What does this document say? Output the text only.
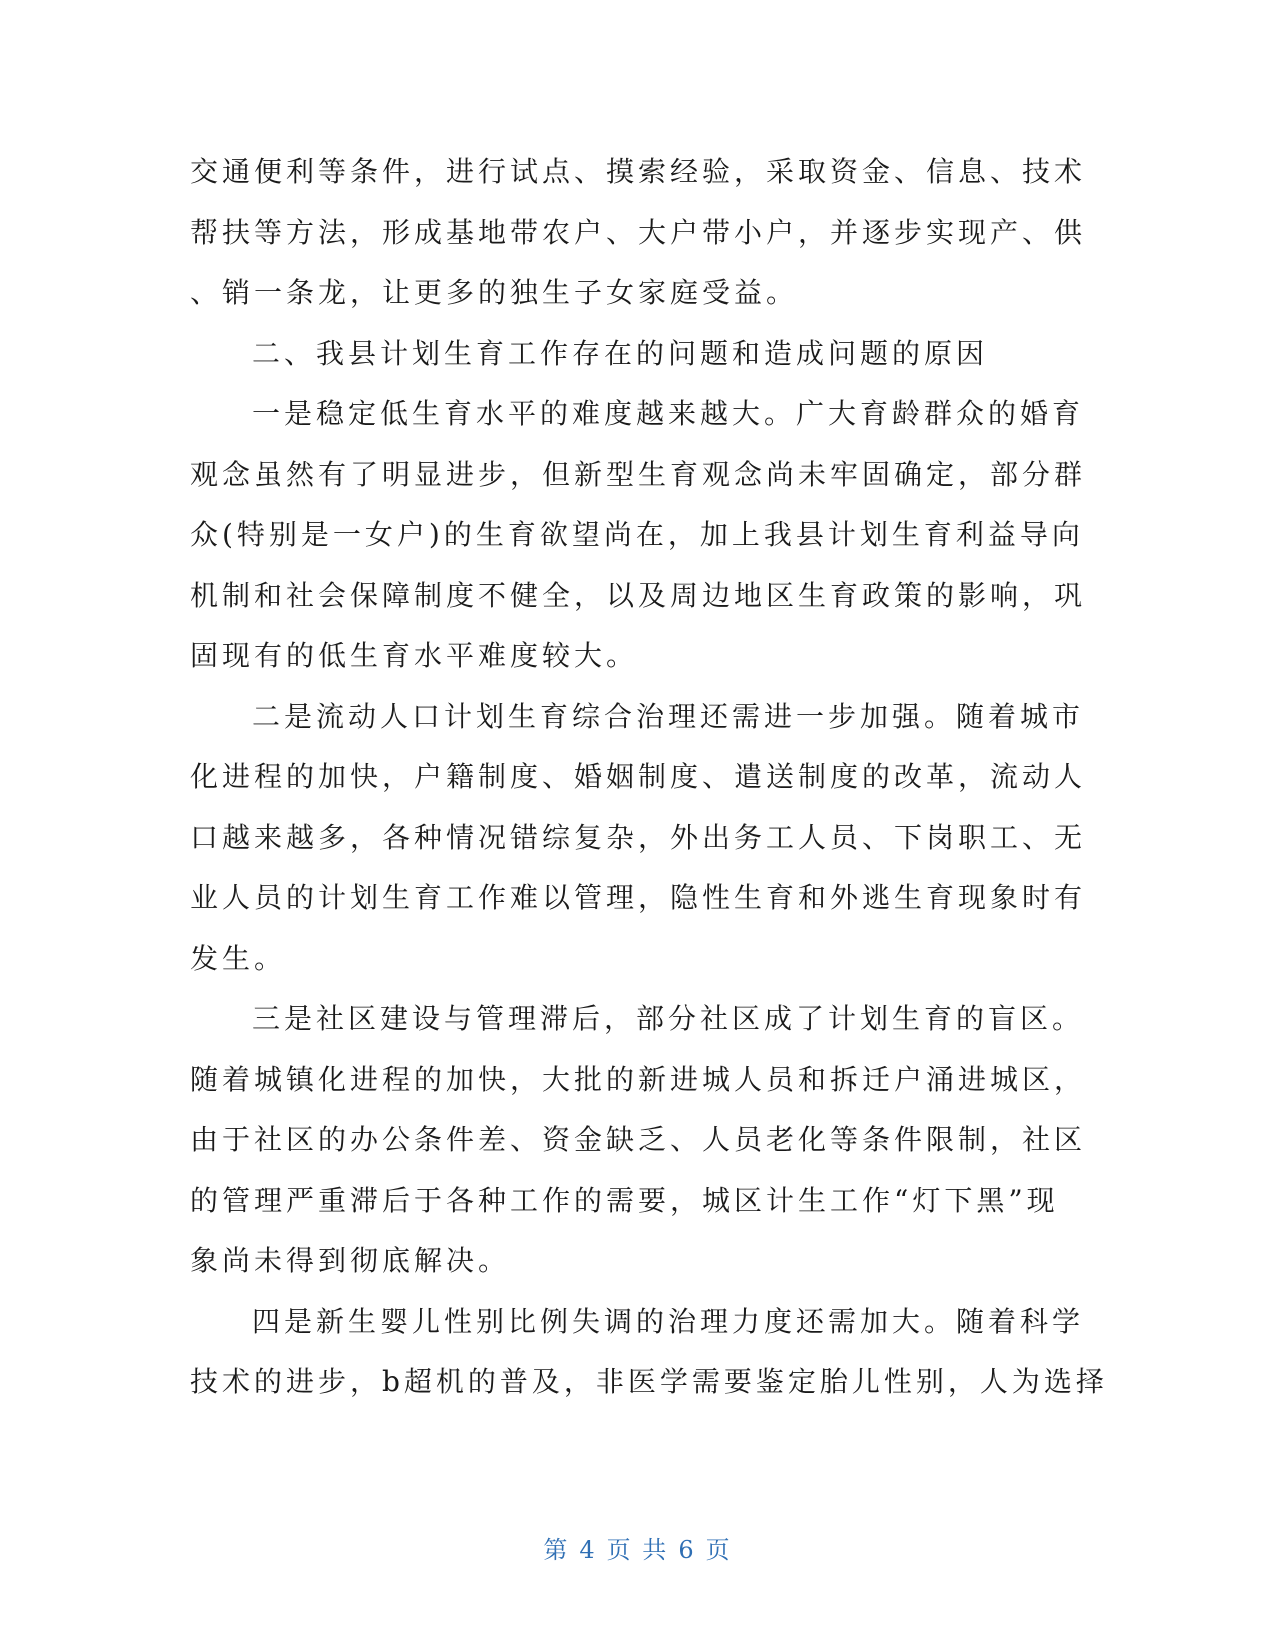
交通便利等条件，进行试点、摸索经验，采取资金、信息、技术
帮扶等方法，形成基地带农户、大户带小户，并逐步实现产、供
、销一条龙，让更多的独生子女家庭受益。
二、我县计划生育工作存在的问题和造成问题的原因
一是稳定低生育水平的难度越来越大。广大育龄群众的婚育
观念虽然有了明显进步，但新型生育观念尚未牢固确定，部分群
众(特别是一女户)的生育欲望尚在，加上我县计划生育利益导向
机制和社会保障制度不健全，以及周边地区生育政策的影响，巩
固现有的低生育水平难度较大。
二是流动人口计划生育综合治理还需进一步加强。随着城市
化进程的加快，户籍制度、婚姻制度、遣送制度的改革，流动人
口越来越多，各种情况错综复杂，外出务工人员、下岗职工、无
业人员的计划生育工作难以管理，隐性生育和外逃生育现象时有
发生。
三是社区建设与管理滞后，部分社区成了计划生育的盲区。
随着城镇化进程的加快，大批的新进城人员和拆迁户涌进城区，
由于社区的办公条件差、资金缺乏、人员老化等条件限制，社区
的管理严重滞后于各种工作的需要，城区计生工作“灯下黑”现
象尚未得到彻底解决。
四是新生婴儿性别比例失调的治理力度还需加大。随着科学
技术的进步，b超机的普及，非医学需要鉴定胎儿性别，人为选择
第 4 页 共 6 页
